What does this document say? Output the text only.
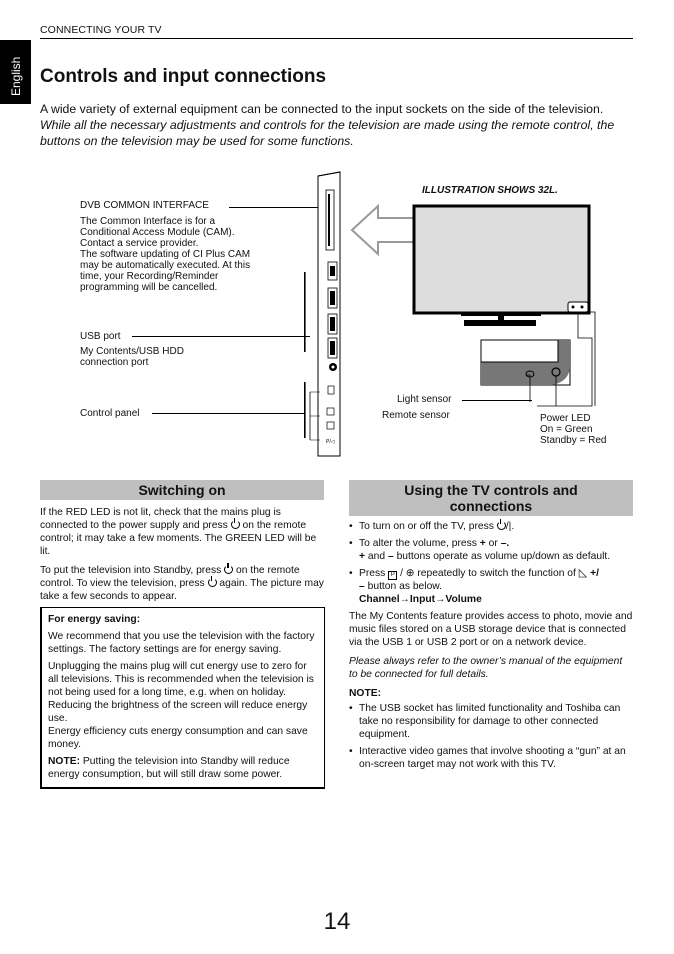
CONNECTING YOUR TV
English Controls and input connections
A wide variety of external equipment can be connected to the input sockets on the side of the television.
While all the necessary adjustments and controls for the television are made using the remote control, the buttons on the television may be used for some functions.
DVB COMMON INTERFACE
The Common Interface is for a
Conditional Access Module (CAM).
Contact a service provider.
The software updating of CI Plus CAM
may be automatically executed. At this
time, your Recording/Reminder
programming will be cancelled.
USB port
My Contents/USB HDD
connection port
Control panel
ILLUSTRATION SHOWS 32L.
P/◁
Light sensor
Remote sensor	Power LED
On = Green
Standby = Red
Switching on

If the RED LED is not lit, check that the mains plug is connected to the power supply and press on the remote control; it may take a few moments. The GREEN LED will be lit.

To put the television into Standby, press on the remote control. To view the television, press again. The picture may take a few seconds to appear.

For energy saving:

We recommend that you use the television with the factory settings. The factory settings are for energy saving.

Unplugging the mains plug will cut energy use to zero for all televisions. This is recommended when the television is not being used for a long time, e.g. when on holiday.
Reducing the brightness of the screen will reduce energy use.

Energy efficiency cuts energy consumption and can save money.

NOTE: Putting the television into Standby will reduce energy consumption, but will still draw some power.

Using the TV controls and
connections
• To turn on or off the TV, press /|.
• To alter the volume, press + or –.
+ and – buttons operate as volume up/down as default.
• Press P / ⊕ repeatedly to switch the function of ◺ +/
– button as below.
Channel→Input→Volume

The My Contents feature provides access to photo, movie and music files stored on a USB storage device that is connected via the USB 1 or USB 2 port or on a network device.

Please always refer to the owner’s manual of the equipment to be connected for full details.

NOTE:
• The USB socket has limited functionality and Toshiba can take no responsibility for damage to other connected equipment.
• Interactive video games that involve shooting a “gun” at an on-screen target may not work with this TV.
14
